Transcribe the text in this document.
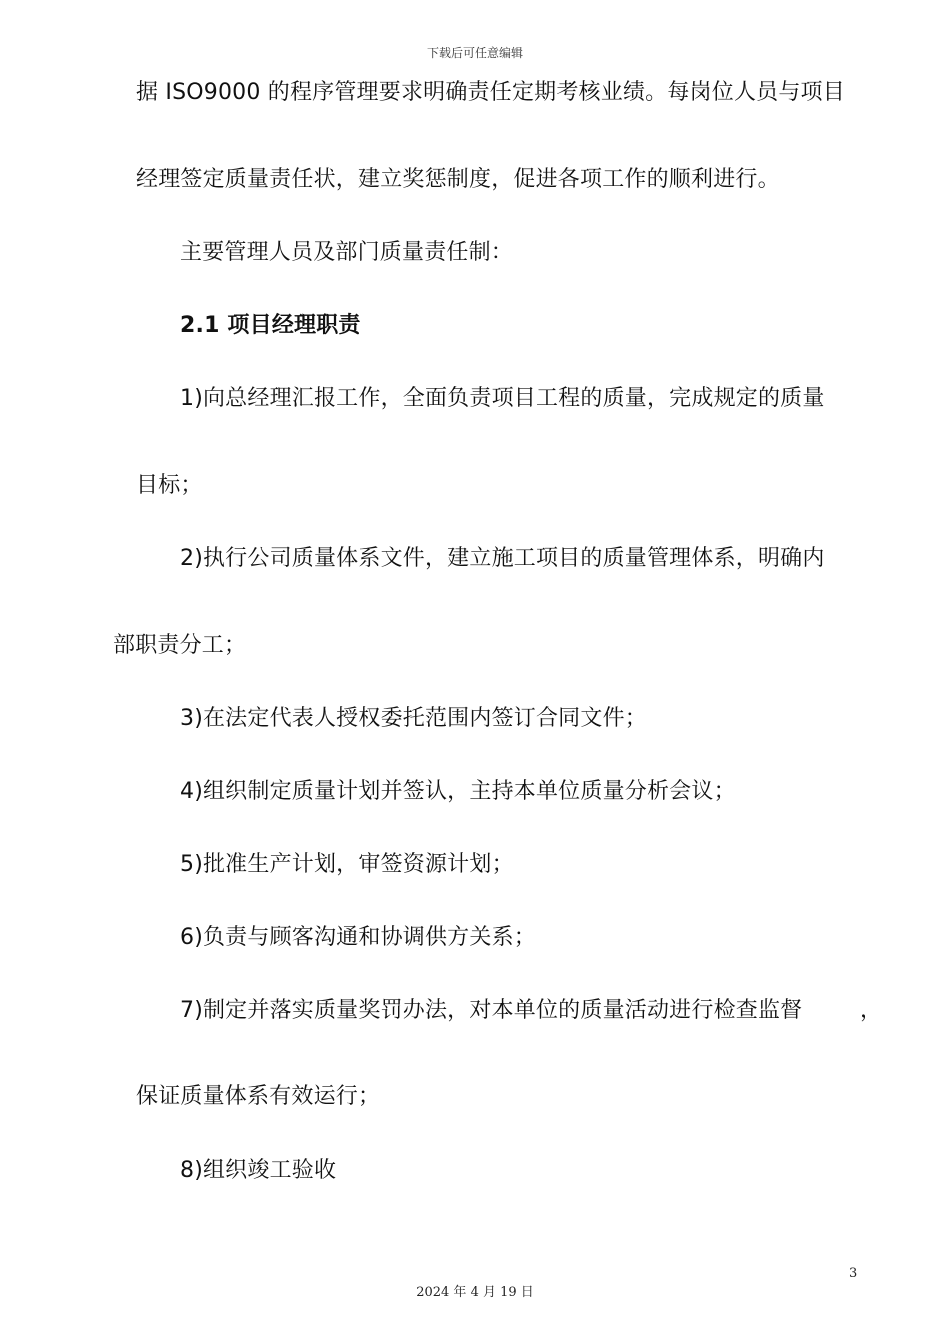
下载后可任意编辑
据 ISO9000 的程序管理要求明确责任定期考核业绩。每岗位人员与项目
经理签定质量责任状，建立奖惩制度，促进各项工作的顺利进行。
主要管理人员及部门质量责任制：
2.1 项目经理职责
1)向总经理汇报工作，全面负责项目工程的质量，完成规定的质量
目标；
2)执行公司质量体系文件，建立施工项目的质量管理体系，明确内
部职责分工；
3)在法定代表人授权委托范围内签订合同文件；
4)组织制定质量计划并签认，主持本单位质量分析会议；
5)批准生产计划，审签资源计划；
6)负责与顾客沟通和协调供方关系；
7)制定并落实质量奖罚办法，对本单位的质量活动进行检查监督	，
保证质量体系有效运行；
8)组织竣工验收
3
2024 年 4 月 19 日
